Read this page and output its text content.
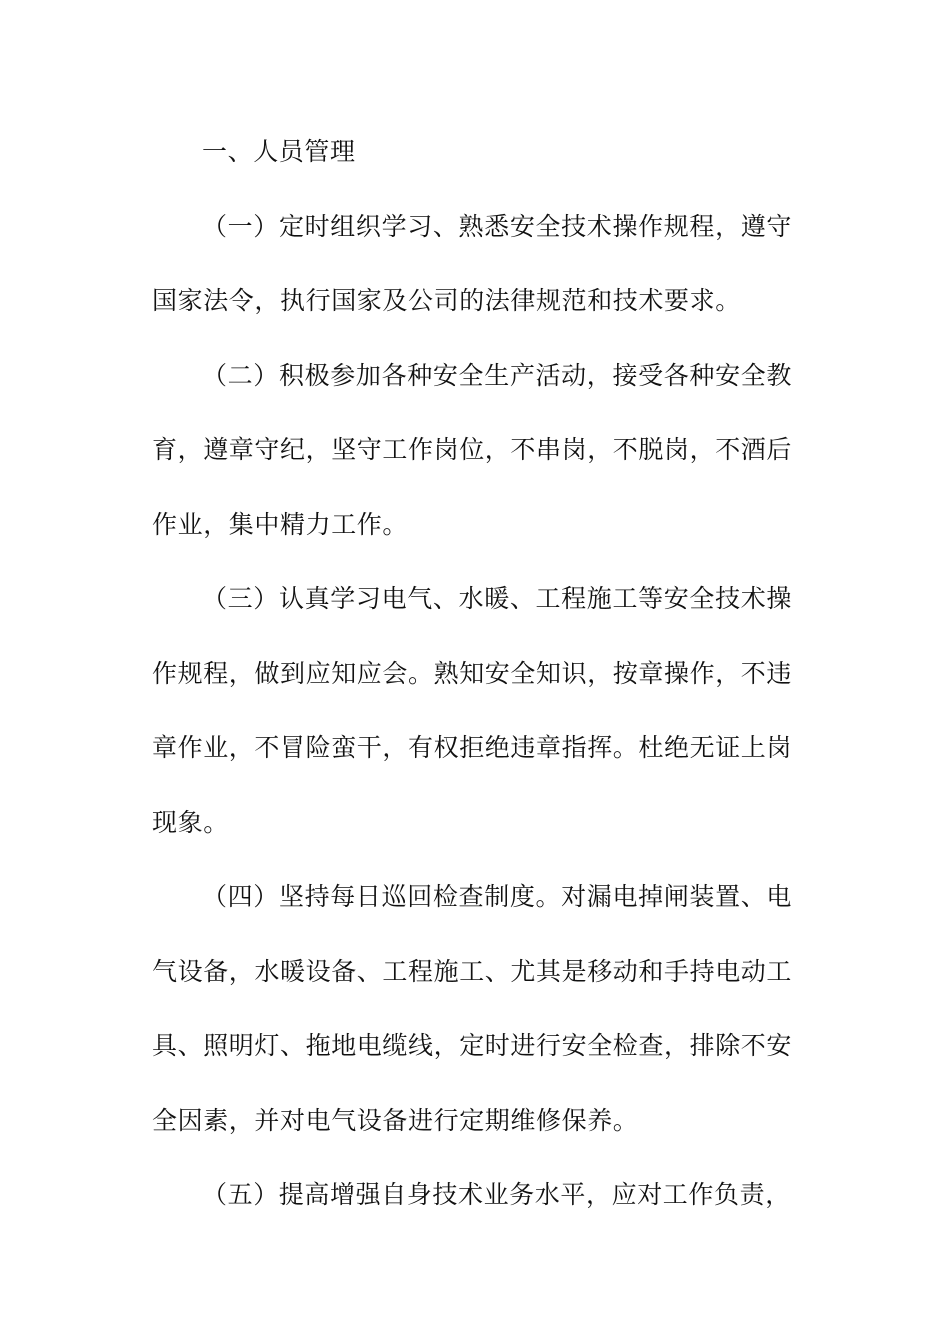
一、人员管理

（一）定时组织学习、熟悉安全技术操作规程，遵守国家法令，执行国家及公司的法律规范和技术要求。

（二）积极参加各种安全生产活动，接受各种安全教育，遵章守纪，坚守工作岗位，不串岗，不脱岗，不酒后作业，集中精力工作。

（三）认真学习电气、水暖、工程施工等安全技术操作规程，做到应知应会。熟知安全知识，按章操作，不违章作业，不冒险蛮干，有权拒绝违章指挥。杜绝无证上岗现象。

（四）坚持每日巡回检查制度。对漏电掉闸装置、电气设备，水暖设备、工程施工、尤其是移动和手持电动工具、照明灯、拖地电缆线，定时进行安全检查，排除不安全因素，并对电气设备进行定期维修保养。

（五）提高增强自身技术业务水平，应对工作负责，
